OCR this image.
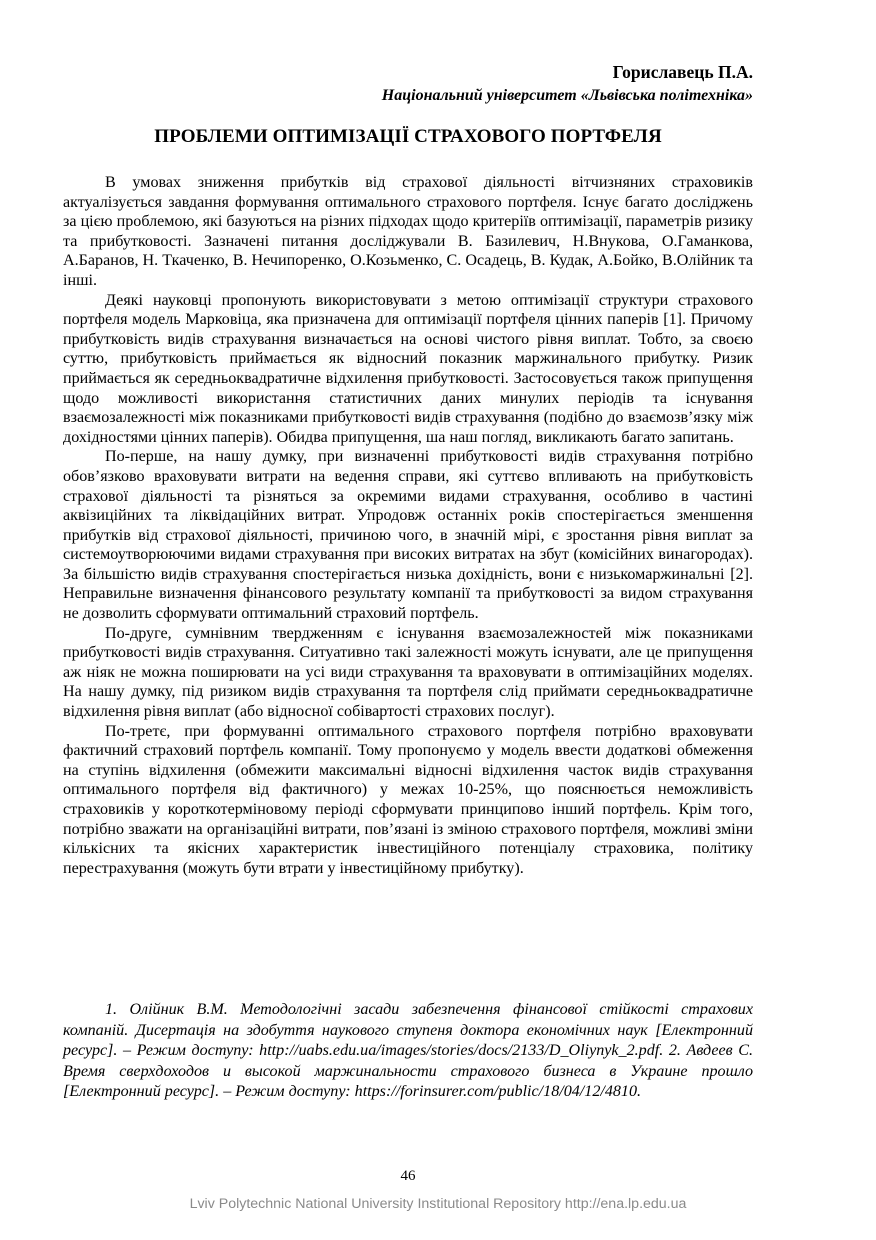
Гориславець П.А.
Національний університет «Львівська політехніка»
ПРОБЛЕМИ ОПТИМІЗАЦІЇ СТРАХОВОГО ПОРТФЕЛЯ

В умовах зниження прибутків від страхової діяльності вітчизняних страховиків актуалізується завдання формування оптимального страхового портфеля. Існує багато досліджень за цією проблемою, які базуються на різних підходах щодо критеріїв оптимізації, параметрів ризику та прибутковості. Зазначені питання досліджували В. Базилевич, Н.Внукова, О.Гаманкова, А.Баранов, Н. Ткаченко, В. Нечипоренко, О.Козьменко, С. Осадець, В. Кудак, А.Бойко, В.Олійник та інші.

Деякі науковці пропонують використовувати з метою оптимізації структури страхового портфеля модель Марковіца, яка призначена для оптимізації портфеля цінних паперів [1]. Причому прибутковість видів страхування визначається на основі чистого рівня виплат. Тобто, за своєю суттю, прибутковість приймається як відносний показник маржинального прибутку. Ризик приймається як середньоквадратичне відхилення прибутковості. Застосовується також припущення щодо можливості використання статистичних даних минулих періодів та існування взаємозалежності між показниками прибутковості видів страхування (подібно до взаємозв’язку між дохідностями цінних паперів). Обидва припущення, ша наш погляд, викликають багато запитань.

По-перше, на нашу думку, при визначенні прибутковості видів страхування потрібно обов’язково враховувати витрати на ведення справи, які суттєво впливають на прибутковість страхової діяльності та різняться за окремими видами страхування, особливо в частині аквізиційних та ліквідаційних витрат. Упродовж останніх років спостерігається зменшення прибутків від страхової діяльності, причиною чого, в значній мірі, є зростання рівня виплат за системоутворюючими видами страхування при високих витратах на збут (комісійних винагородах). За більшістю видів страхування спостерігається низька дохідність, вони є низькомаржинальні [2]. Неправильне визначення фінансового результату компанії та прибутковості за видом страхування не дозволить сформувати оптимальний страховий портфель.

По-друге, сумнівним твердженням є існування взаємозалежностей між показниками прибутковості видів страхування. Ситуативно такі залежності можуть існувати, але це припущення аж ніяк не можна поширювати на усі види страхування та враховувати в оптимізаційних моделях. На нашу думку, під ризиком видів страхування та портфеля слід приймати середньоквадратичне відхилення рівня виплат (або відносної собівартості страхових послуг).

По-третє, при формуванні оптимального страхового портфеля потрібно враховувати фактичний страховий портфель компанії. Тому пропонуємо у модель ввести додаткові обмеження на ступінь відхилення (обмежити максимальні відносні відхилення часток видів страхування оптимального портфеля від фактичного) у межах 10-25%, що пояснюється неможливість страховиків у короткотерміновому періоді сформувати принципово інший портфель. Крім того, потрібно зважати на організаційні витрати, пов’язані із зміною страхового портфеля, можливі зміни кількісних та якісних характеристик інвестиційного потенціалу страховика, політику перестрахування (можуть бути втрати у інвестиційному прибутку).

1. Олійник В.М. Методологічні засади забезпечення фінансової стійкості страхових компаній. Дисертація на здобуття наукового ступеня доктора економічних наук [Електронний ресурс]. – Режим доступу: http://uabs.edu.ua/images/stories/docs/2133/D_Oliynyk_2.pdf. 2. Авдеев С. Время сверхдоходов и высокой маржинальности страхового бизнеса в Украине прошло [Електронний ресурс]. – Режим доступу: https://forinsurer.com/public/18/04/12/4810.
46
Lviv Polytechnic National University Institutional Repository http://ena.lp.edu.ua
